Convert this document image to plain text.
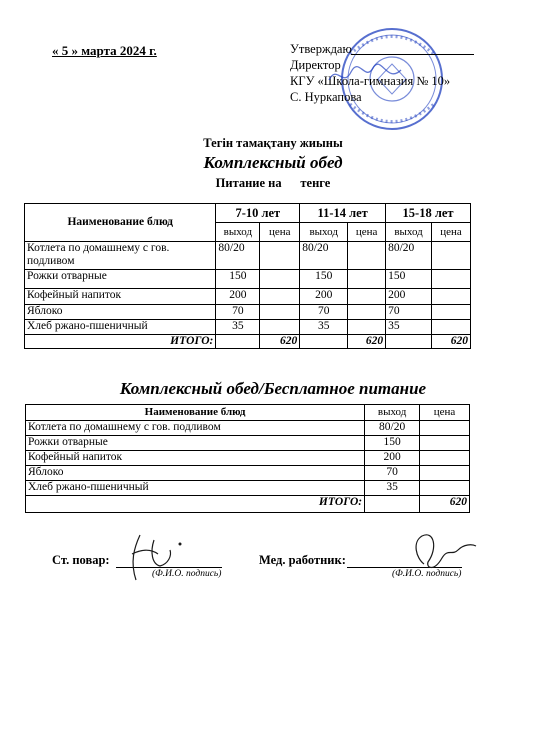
« 5 » марта 2024 г.	Утверждаю
Директор
КГУ «Школа-гимназия № 10»
С. Нуркапова
Тегін тамақтану жиыны
Комплексный обед
Питание на      тенге
Наименование блюд	7-10 лет		11-14 лет		15-18 лет	
	выход	цена	выход	цена	выход	цена
Котлета по домашнему с гов. подливом	80/20		80/20		80/20	
Рожки отварные	150		150		150	
Кофейный напиток	200		200		200	
Яблоко	70		70		70	
Хлеб ржано-пшеничный	35		35		35	
ИТОГО:		620		620		620
Комплексный обед/Бесплатное питание
Наименование блюд	выход	цена
Котлета по домашнему с гов. подливом	80/20	
Рожки отварные	150	
Кофейный напиток	200	
Яблоко	70	
Хлеб ржано-пшеничный	35	
ИТОГО:		620
Ст. повар:
(Ф.И.О. подпись)
Мед. работник:
(Ф.И.О. подпись)
